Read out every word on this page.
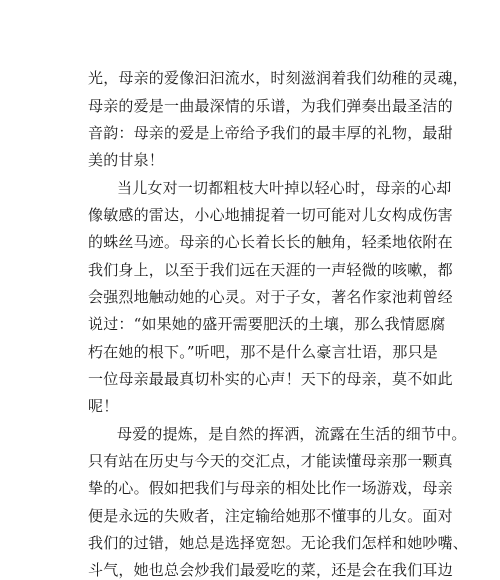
光，母亲的爱像汩汩流水，时刻滋润着我们幼稚的灵魂，
母亲的爱是一曲最深情的乐谱，为我们弹奏出最圣洁的
音韵：母亲的爱是上帝给予我们的最丰厚的礼物，最甜
美的甘泉！
当儿女对一切都粗枝大叶掉以轻心时，母亲的心却
像敏感的雷达，小心地捕捉着一切可能对儿女构成伤害
的蛛丝马迹。母亲的心长着长长的触角，轻柔地依附在
我们身上，以至于我们远在天涯的一声轻微的咳嗽，都
会强烈地触动她的心灵。对于子女，著名作家池莉曾经
说过：“如果她的盛开需要肥沃的土壤，那么我情愿腐
朽在她的根下。”听吧，那不是什么豪言壮语，那只是
一位母亲最最真切朴实的心声！天下的母亲，莫不如此
呢！
母爱的提炼，是自然的挥洒，流露在生活的细节中。
只有站在历史与今天的交汇点，才能读懂母亲那一颗真
挚的心。假如把我们与母亲的相处比作一场游戏，母亲
便是永远的失败者，注定输给她那不懂事的儿女。面对
我们的过错，她总是选择宽恕。无论我们怎样和她吵嘴、
斗气，她也总会炒我们最爱吃的菜，还是会在我们耳边
